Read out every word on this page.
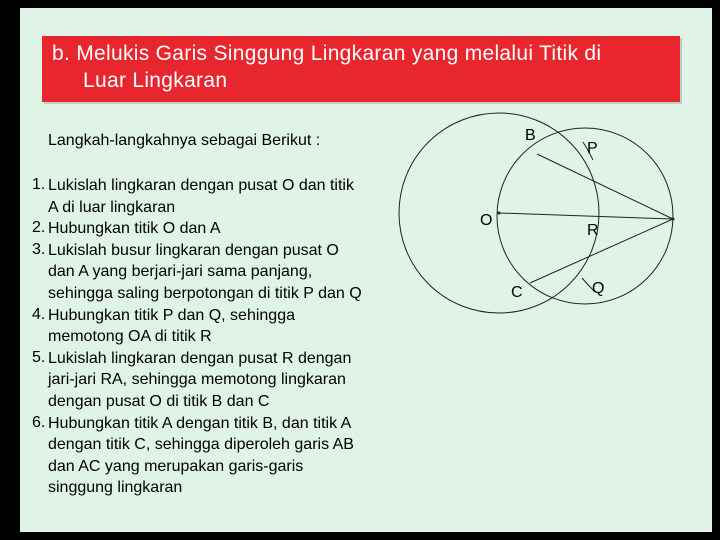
b. Melukis Garis Singgung Lingkaran yang melalui Titik di
Luar Lingkaran
Langkah-langkahnya sebagai Berikut :
1. Lukislah lingkaran dengan pusat O dan titik
A di luar lingkaran
2. Hubungkan titik O dan A
3. Lukislah busur lingkaran dengan pusat O
dan A yang berjari-jari sama panjang,
sehingga saling berpotongan di titik P dan Q
4. Hubungkan titik P dan Q, sehingga
memotong OA di titik R
5. Lukislah lingkaran dengan pusat R dengan
jari-jari RA, sehingga memotong lingkaran
dengan pusat O di titik B dan C
6. Hubungkan titik A dengan titik B, dan titik A
dengan titik C, sehingga diperoleh garis AB
dan AC yang merupakan garis-garis
singgung lingkaran
B
P
O
R
C	Q
